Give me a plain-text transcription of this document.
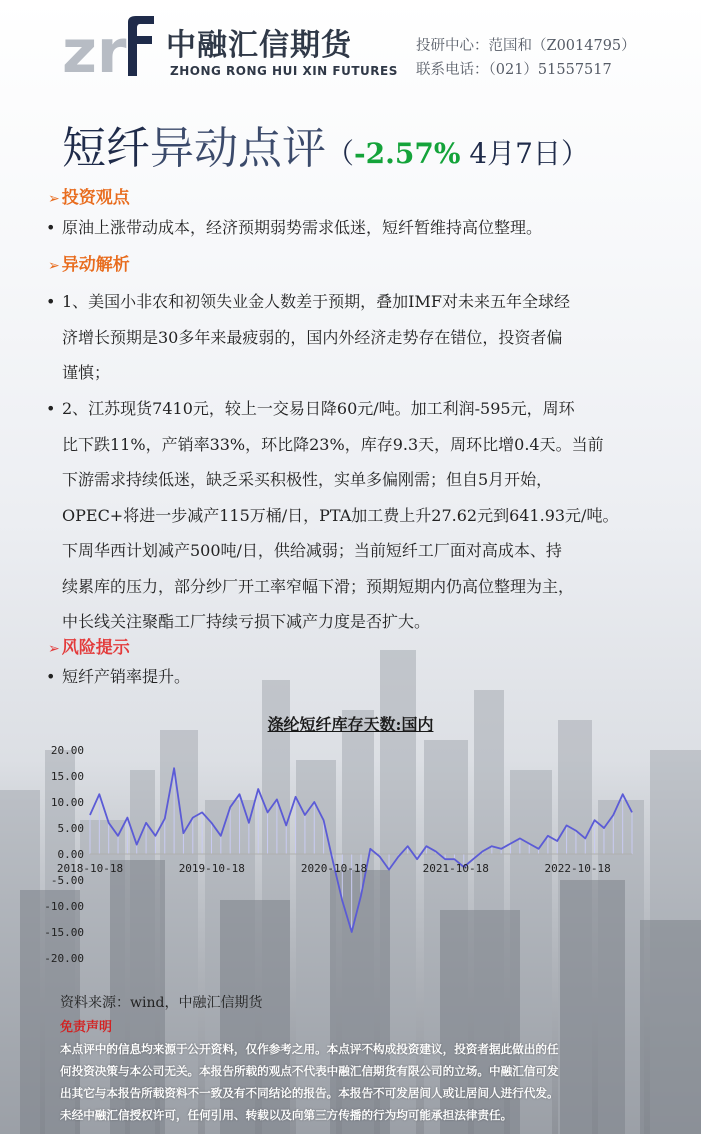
zr 中融汇信期货
ZHONG RONG HUI XIN FUTURES
投研中心：范国和（Z0014795）
联系电话：（021）51557517
短纤异动点评（-2.57% 4月7日）
➢ 投资观点
• 原油上涨带动成本，经济预期弱势需求低迷，短纤暂维持高位整理。
➢ 异动解析
• 1、美国小非农和初领失业金人数差于预期，叠加IMF对未来五年全球经
济增长预期是30多年来最疲弱的，国内外经济走势存在错位，投资者偏
谨慎；
• 2、江苏现货7410元，较上一交易日降60元/吨。加工利润-595元，周环
比下跌11%，产销率33%，环比降23%，库存9.3天，周环比增0.4天。当前
下游需求持续低迷，缺乏采买积极性，实单多偏刚需；但自5月开始，
OPEC+将进一步减产115万桶/日，PTA加工费上升27.62元到641.93元/吨。
下周华西计划减产500吨/日，供给减弱；当前短纤工厂面对高成本、持
续累库的压力，部分纱厂开工率窄幅下滑；预期短期内仍高位整理为主，
中长线关注聚酯工厂持续亏损下减产力度是否扩大。
➢ 风险提示
• 短纤产销率提升。
涤纶短纤库存天数:国内
20.00
15.00
10.00
5.00
0.00
-5.00
-10.00
-15.00
-20.00
2018-10-18	2019-10-18	2020-10-18	2021-10-18	2022-10-18
资料来源：wind，中融汇信期货
免责声明
本点评中的信息均来源于公开资料，仅作参考之用。本点评不构成投资建议，投资者据此做出的任
何投资决策与本公司无关。本报告所载的观点不代表中融汇信期货有限公司的立场。中融汇信可发
出其它与本报告所载资料不一致及有不同结论的报告。本报告不可发居间人或让居间人进行代发。
未经中融汇信授权许可，任何引用、转载以及向第三方传播的行为均可能承担法律责任。
